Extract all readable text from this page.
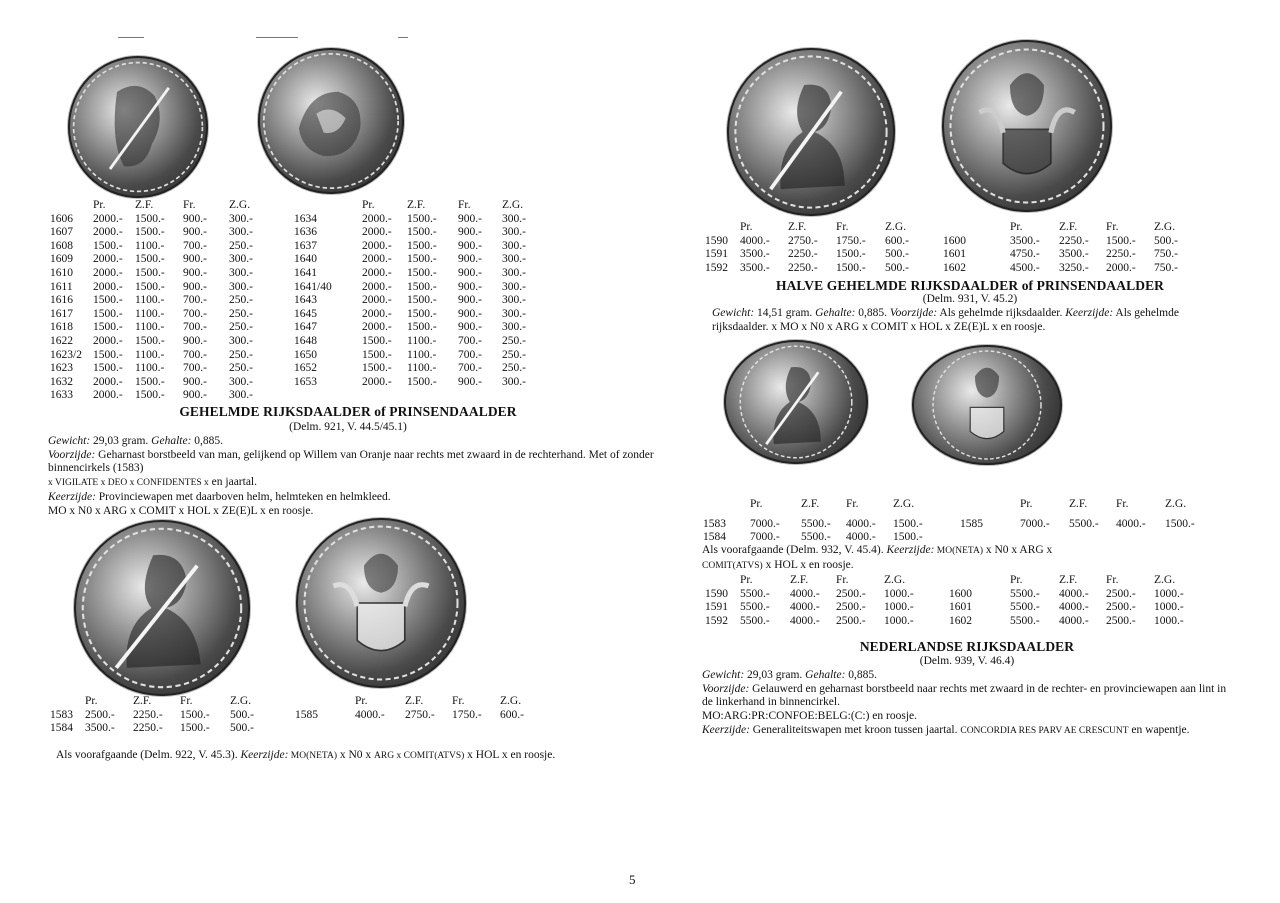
Pr.	Z.F.	Fr.	Z.G.	Pr.	Z.F.	Fr.	Z.G.
1606 2000.- 1500.- 900.- 300.-	1634	2000.- 1500.- 900.- 300.-
1607 2000.- 1500.- 900.- 300.-	1636	2000.- 1500.- 900.- 300.-
1608 1500.- 1100.- 700.- 250.-	1637	2000.- 1500.- 900.- 300.-
1609 2000.- 1500.- 900.- 300.-	1640	2000.- 1500.- 900.- 300.-
1610 2000.- 1500.- 900.- 300.-	1641	2000.- 1500.- 900.- 300.-
1611 2000.- 1500.- 900.- 300.-	1641/40	2000.- 1500.- 900.- 300.-
1616 1500.- 1100.- 700.- 250.-	1643	2000.- 1500.- 900.- 300.-
1617 1500.- 1100.- 700.- 250.-	1645	2000.- 1500.- 900.- 300.-
1618 1500.- 1100.- 700.- 250.-	1647	2000.- 1500.- 900.- 300.-
1622 2000.- 1500.- 900.- 300.-	1648	1500.- 1100.- 700.- 250.-
1623/2 1500.- 1100.- 700.- 250.-	1650	1500.- 1100.- 700.- 250.-
1623 1500.- 1100.- 700.- 250.-	1652	1500.- 1100.- 700.- 250.-
1632 2000.- 1500.- 900.- 300.-	1653	2000.- 1500.- 900.- 300.-
1633 2000.- 1500.- 900.- 300.-
GEHELMDE RIJKSDAALDER of PRINSENDAALDER
(Delm. 921, V. 44.5/45.1)
Gewicht: 29,03 gram. Gehalte: 0,885.
Voorzijde: Geharnast borstbeeld van man, gelijkend op Willem van Oranje naar rechts met zwaard in de rechterhand. Met of zonder binnencirkels (1583)
x VIGILATE x DEO x CONFIDENTES x en jaartal.
Keerzijde: Provinciewapen met daarboven helm, helmteken en helmkleed.
MO x N0 x ARG x COMIT x HOL x ZE(E)L x en roosje.
Pr.	Z.F.	Fr.	Z.G.	Pr.	Z.F.	Fr.	Z.G.
1583 2500.- 2250.- 1500.- 500.-	1585	4000.- 2750.- 1750.- 600.-
1584 3500.- 2250.- 1500.- 500.-
Als voorafgaande (Delm. 922, V. 45.3). Keerzijde: MO(NETA) x N0 x ARG x COMIT(ATVS) x HOL x en roosje.
Pr.	Z.F.	Fr.	Z.G.	Pr.	Z.F.	Fr.	Z.G.
1590 4000.- 2750.- 1750.- 600.-	1600	3500.- 2250.- 1500.- 500.-
1591 3500.- 2250.- 1500.- 500.-	1601	4750.- 3500.- 2250.- 750.-
1592 3500.- 2250.- 1500.- 500.-	1602	4500.- 3250.- 2000.- 750.-
HALVE GEHELMDE RIJKSDAALDER of PRINSENDAALDER
(Delm. 931, V. 45.2)
Gewicht: 14,51 gram. Gehalte: 0,885. Voorzijde: Als gehelmde rijksdaalder. Keerzijde: Als gehelmde rijksdaalder. x MO x N0 x ARG x COMIT x HOL x ZE(E)L x en roosje.
Pr.	Z.F. Fr.	Z.G.	Pr.	Z.F.	Fr.	Z.G.
1583 7000.- 5500.- 4000.- 1500.-	1585	7000.- 5500.- 4000.- 1500.-
1584 7000.- 5500.- 4000.- 1500.-
Als voorafgaande (Delm. 932, V. 45.4). Keerzijde: MO(NETA) x N0 x ARG x
COMIT(ATVS) x HOL x en roosje.
Pr.	Z.F. Fr.	Z.G.	Pr.	Z.F.	Fr.	Z.G.
1590 5500.- 4000.- 2500.- 1000.-	1600	5500.- 4000.- 2500.- 1000.-
1591 5500.- 4000.- 2500.- 1000.-	1601	5500.- 4000.- 2500.- 1000.-
1592 5500.- 4000.- 2500.- 1000.-	1602	5500.- 4000.- 2500.- 1000.-
NEDERLANDSE RIJKSDAALDER
(Delm. 939, V. 46.4)
Gewicht: 29,03 gram. Gehalte: 0,885.
Voorzijde: Gelauwerd en geharnast borstbeeld naar rechts met zwaard in de rechter- en provinciewapen aan lint in de linkerhand in binnencirkel.
MO:ARG:PR:CONFOE:BELG:(C:) en roosje.
Keerzijde: Generaliteitswapen met kroon tussen jaartal. CONCORDIA RES PARV AE CRESCUNT en wapentje.
5
